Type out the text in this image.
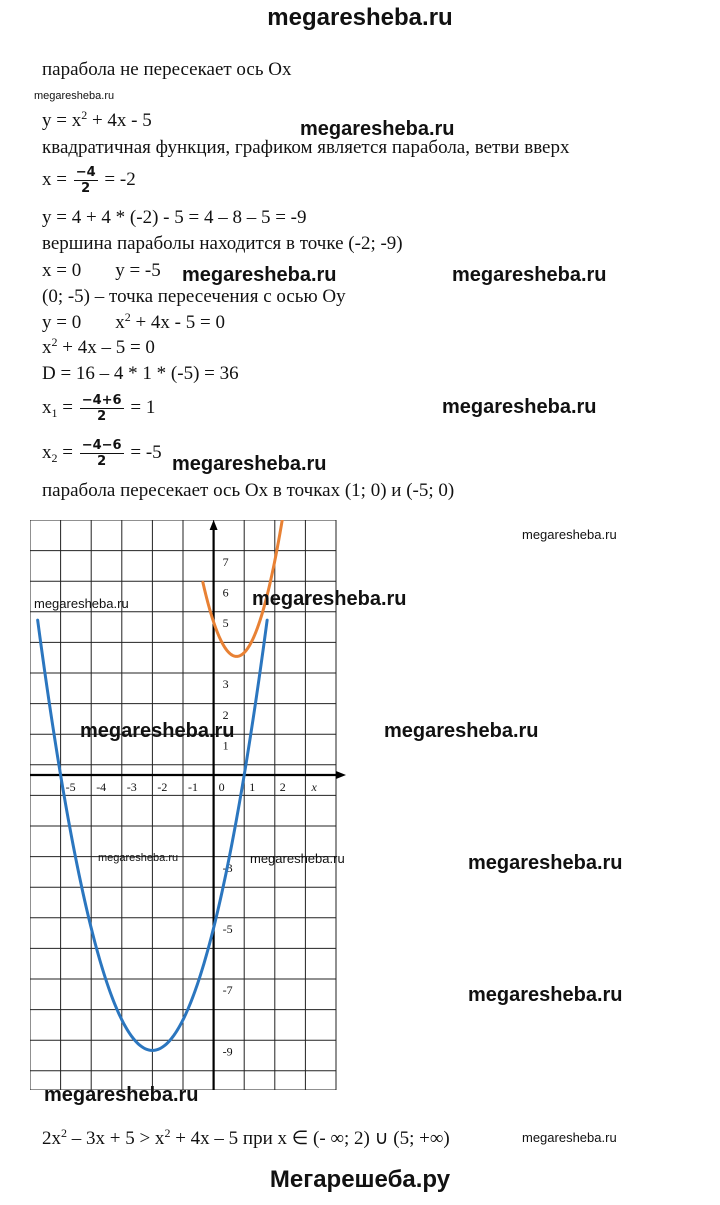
megaresheba.ru
парабола не пересекает ось Ох
$y = x^2 + 4x - 5$
квадратичная функция, графиком является парабола, ветви вверх
$x = \frac{-4}{2} = -2$
y = 4 + 4 * (-2) - 5 = 4 – 8 – 5 = -9
вершина параболы находится в точке (-2; -9)
x = 0 y = -5
(0; -5) – точка пересечения с осью Оу
y = 0 $x^2 + 4x - 5 = 0$
$x^2 + 4x - 5 = 0$
D = 16 – 4 * 1 * (-5) = 36
$x_1 = \frac{-4+6}{2} = 1$
$x_2 = \frac{-4-6}{2} = -5$
парабола пересекает ось Ох в точках (1; 0) и (-5; 0)
$2x^2 - 3x + 5 > x^2 + 4x - 5$ при x ∈ (- ∞; 2) ∪ (5; +∞)
-5 -4 -3 -2 -1 0 1 2 x
7
6
5
3
2
1
-3
-5
-7
-9
megaresheba.ru
megaresheba.ru
megaresheba.ru	megaresheba.ru
megaresheba.ru
megaresheba.ru
megaresheba.ru
megaresheba.ru	megaresheba.ru
megaresheba.ru	megaresheba.ru
megaresheba.ru	megaresheba.ru	megaresheba.ru
megaresheba.ru
megaresheba.ru
megaresheba.ru
Мегарешеба.ру
